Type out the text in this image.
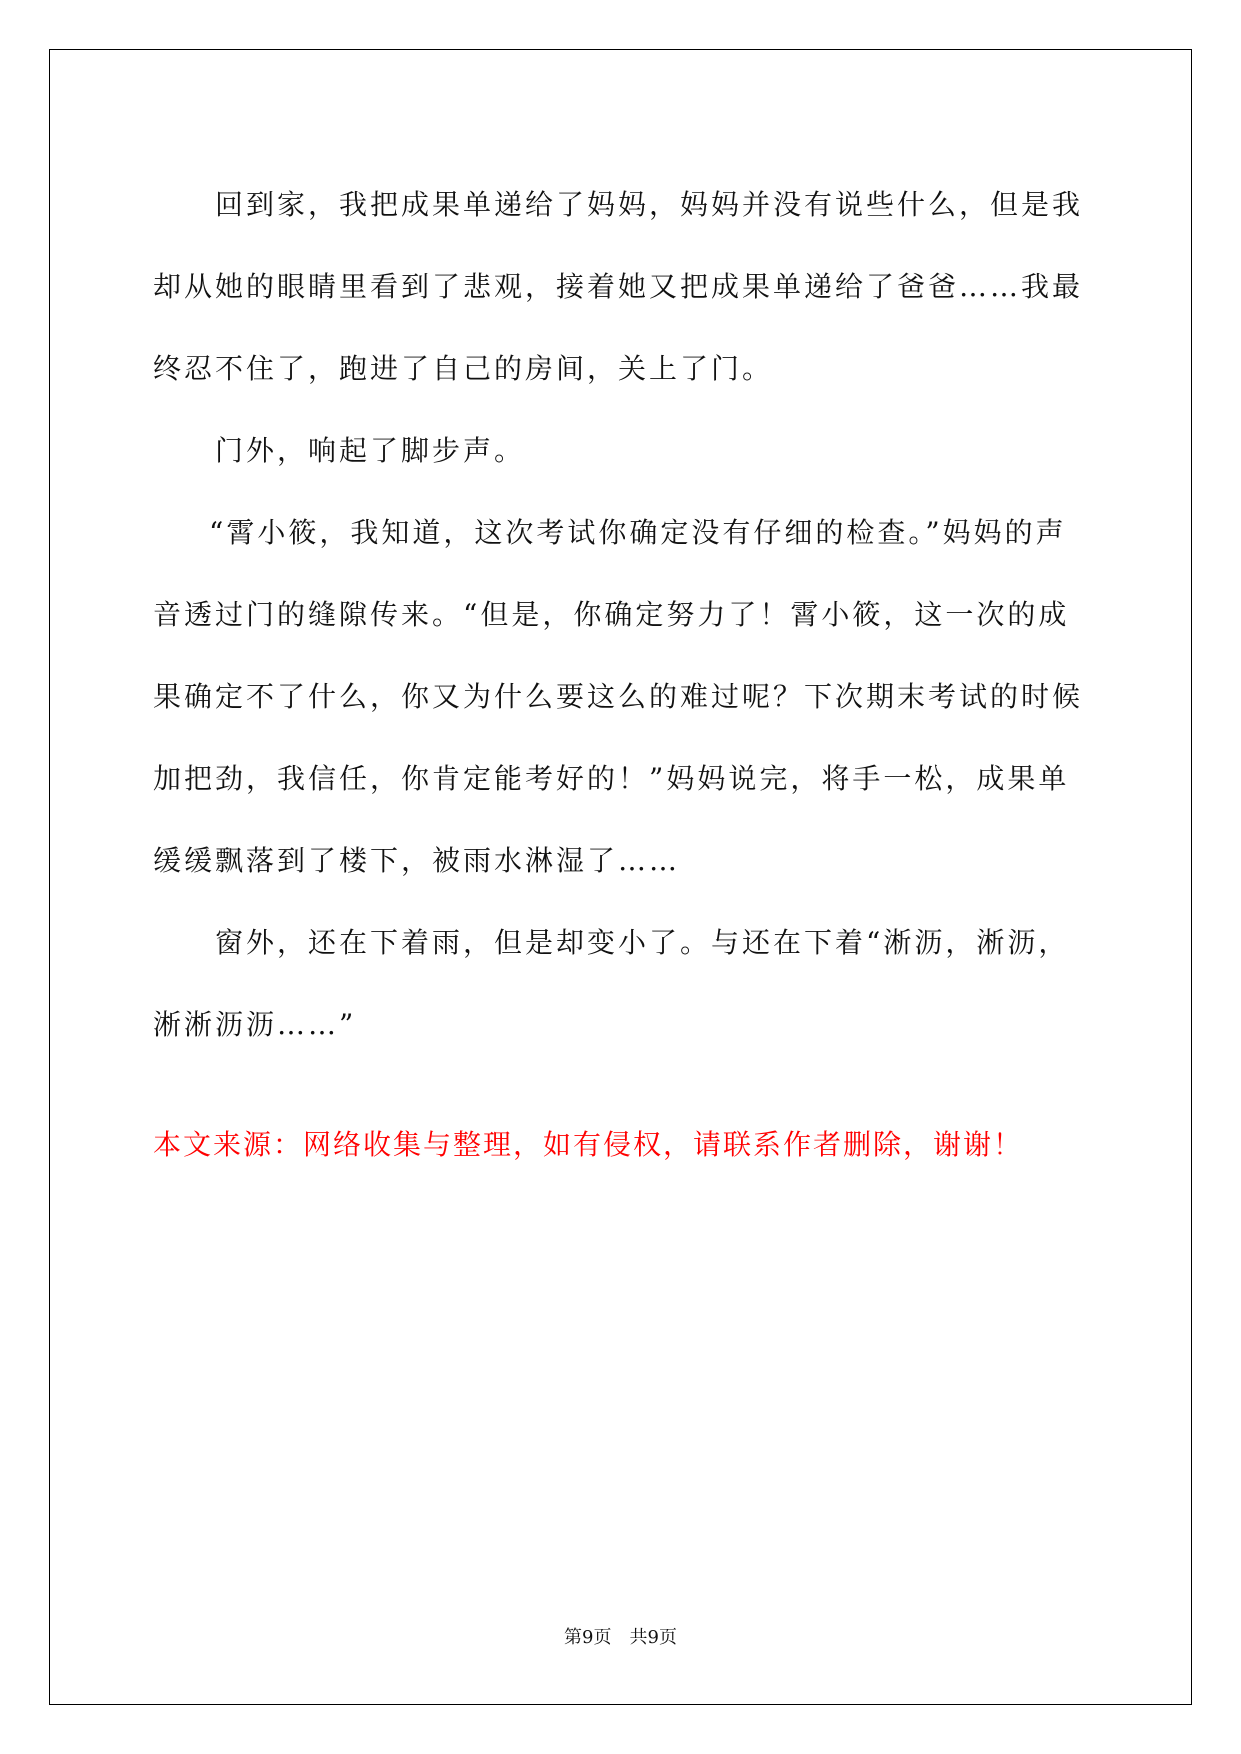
回到家，我把成果单递给了妈妈，妈妈并没有说些什么，但是我却从她的眼睛里看到了悲观，接着她又把成果单递给了爸爸……我最终忍不住了，跑进了自己的房间，关上了门。

门外，响起了脚步声。

“霄小筱，我知道，这次考试你确定没有仔细的检查。”妈妈的声音透过门的缝隙传来。“但是，你确定努力了！霄小筱，这一次的成果确定不了什么，你又为什么要这么的难过呢？下次期末考试的时候加把劲，我信任，你肯定能考好的！”妈妈说完，将手一松，成果单缓缓飘落到了楼下，被雨水淋湿了……

窗外，还在下着雨，但是却变小了。与还在下着“淅沥，淅沥，淅淅沥沥……”

本文来源：网络收集与整理，如有侵权，请联系作者删除，谢谢！

第9页 共9页
